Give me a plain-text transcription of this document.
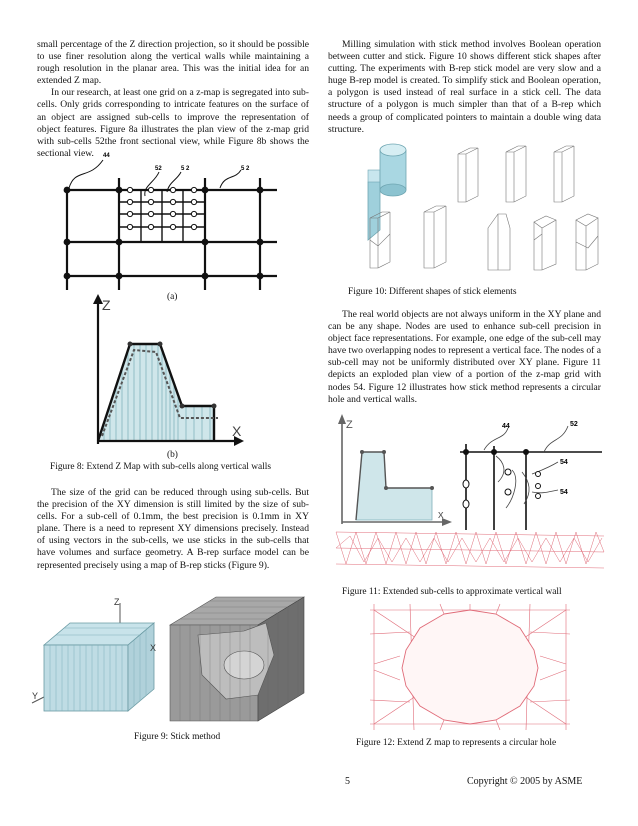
small percentage of the Z direction projection, so it should be possible to use finer resolution along the vertical walls while maintaining a rough resolution in the planar area. This was the initial idea for an extended Z map.

In our research, at least one grid on a z-map is segregated into sub-cells. Only grids corresponding to intricate features on the surface of an object are assigned sub-cells to improve the representation of object features. Figure 8a illustrates the plan view of the z-map grid with sub-cells 52the front sectional view, while Figure 8b shows the sectional view.	44
52	5 2	5 2
(a)
Z
X
(b)
Figure 8: Extend Z Map with sub-cells along vertical walls

The size of the grid can be reduced through using sub-cells. But the precision of the XY dimension is still limited by the size of sub-cells. For a sub-cell of 0.1mm, the best precision is 0.1mm in XY plane. There is a need to represent XY dimensions precisely. Instead of using vectors in the sub-cells, we use sticks in the sub-cells that have volumes and surface geometry. A B-rep surface model can be represented precisely using a map of B-rep sticks (Figure 9).

Z
X
Y
Figure 9: Stick method

Milling simulation with stick method involves Boolean operation between cutter and stick. Figure 10 shows different stick shapes after cutting. The experiments with B-rep stick model are very slow and a huge B-rep model is created. To simplify stick and Boolean operation, a polygon is used instead of real surface in a stick cell. The data structure of a polygon is much simpler than that of a B-rep which needs a group of complicated pointers to maintain a double wing data structure.

Figure 10: Different shapes of stick elements

The real world objects are not always uniform in the XY plane and can be any shape. Nodes are used to enhance sub-cell precision in object face representations. For example, one edge of the sub-cell may have two overlapping nodes to represent a vertical face. The nodes of a sub-cell may not be uniformly distributed over XY plane. Figure 11 depicts an exploded plan view of a portion of the z-map grid with nodes 54. Figure 12 illustrates how stick method represents a circular hole and vertical walls.

Z
x
44	52
54
54
Figure 11: Extended sub-cells to approximate vertical wall
Figure 12: Extend Z map to represents a circular hole
5	Copyright © 2005 by ASME
